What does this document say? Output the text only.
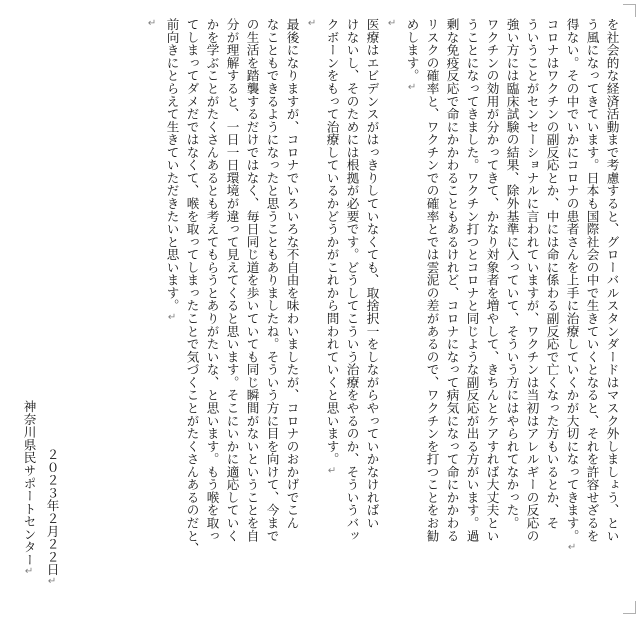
を社会的な経済活動まで考慮すると、グローバルスタンダードはマスク外しましょう、とい
う風になってきています。日本も国際社会の中で生きていくとなると、それを許容せざるを
得ない。その中でいかにコロナの患者さんを上手に治療していくかが大切になってきます。↵
コロナはワクチンの副反応とか、中には命に係わる副反応で亡くなった方もいるとか、そ
ういうことがセンセーショナルに言われていますが、ワクチンは当初はアレルギーの反応の
強い方には臨床試験の結果、除外基準に入っていて、そういう方にはやられてなかった。
ワクチンの効用が分かってきて、かなり対象者を増やして、きちんとケアすれば大丈夫とい
うことになってきました。ワクチン打つとコロナと同じような副反応が出る方がいます。過
剰な免疫反応で命にかかわることもあるけれど、コロナになって病気になって命にかかわる
リスクの確率と、ワクチンでの確率とでは雲泥の差があるので、ワクチンを打つことをお勧
めします。↵
↵
医療はエビデンスがはっきりしていなくても、取捨択一をしながらやっていかなければい
けないし、そのためには根拠が必要です。どうしてこういう治療をやるのか、そういうバッ
クボーンをもって治療しているかどうかがこれから問われていくと思います。↵
↵
最後になりますが、コロナでいろいろな不自由を味わいましたが、コロナのおかげでこん
なこともできるようになったと思うこともありましたね。そういう方に目を向けて、今まで
の生活を踏襲するだけではなく、毎日同じ道を歩いていても同じ瞬間がないということを自
分が理解すると、一日一日環境が違って見えてくると思います。そこにいかに適応していく
かを学ぶことがたくさんあるとも考えてもらうとありがたいな、と思います。もう喉を取っ
てしまってダメだではなくて、喉を取ってしまったことで気づくことがたくさんあるのだと、
前向きにとらえて生きていただきたいと思います。↵
↵
２０２３年２月２２日↵
神奈川県民サポートセンター↵
